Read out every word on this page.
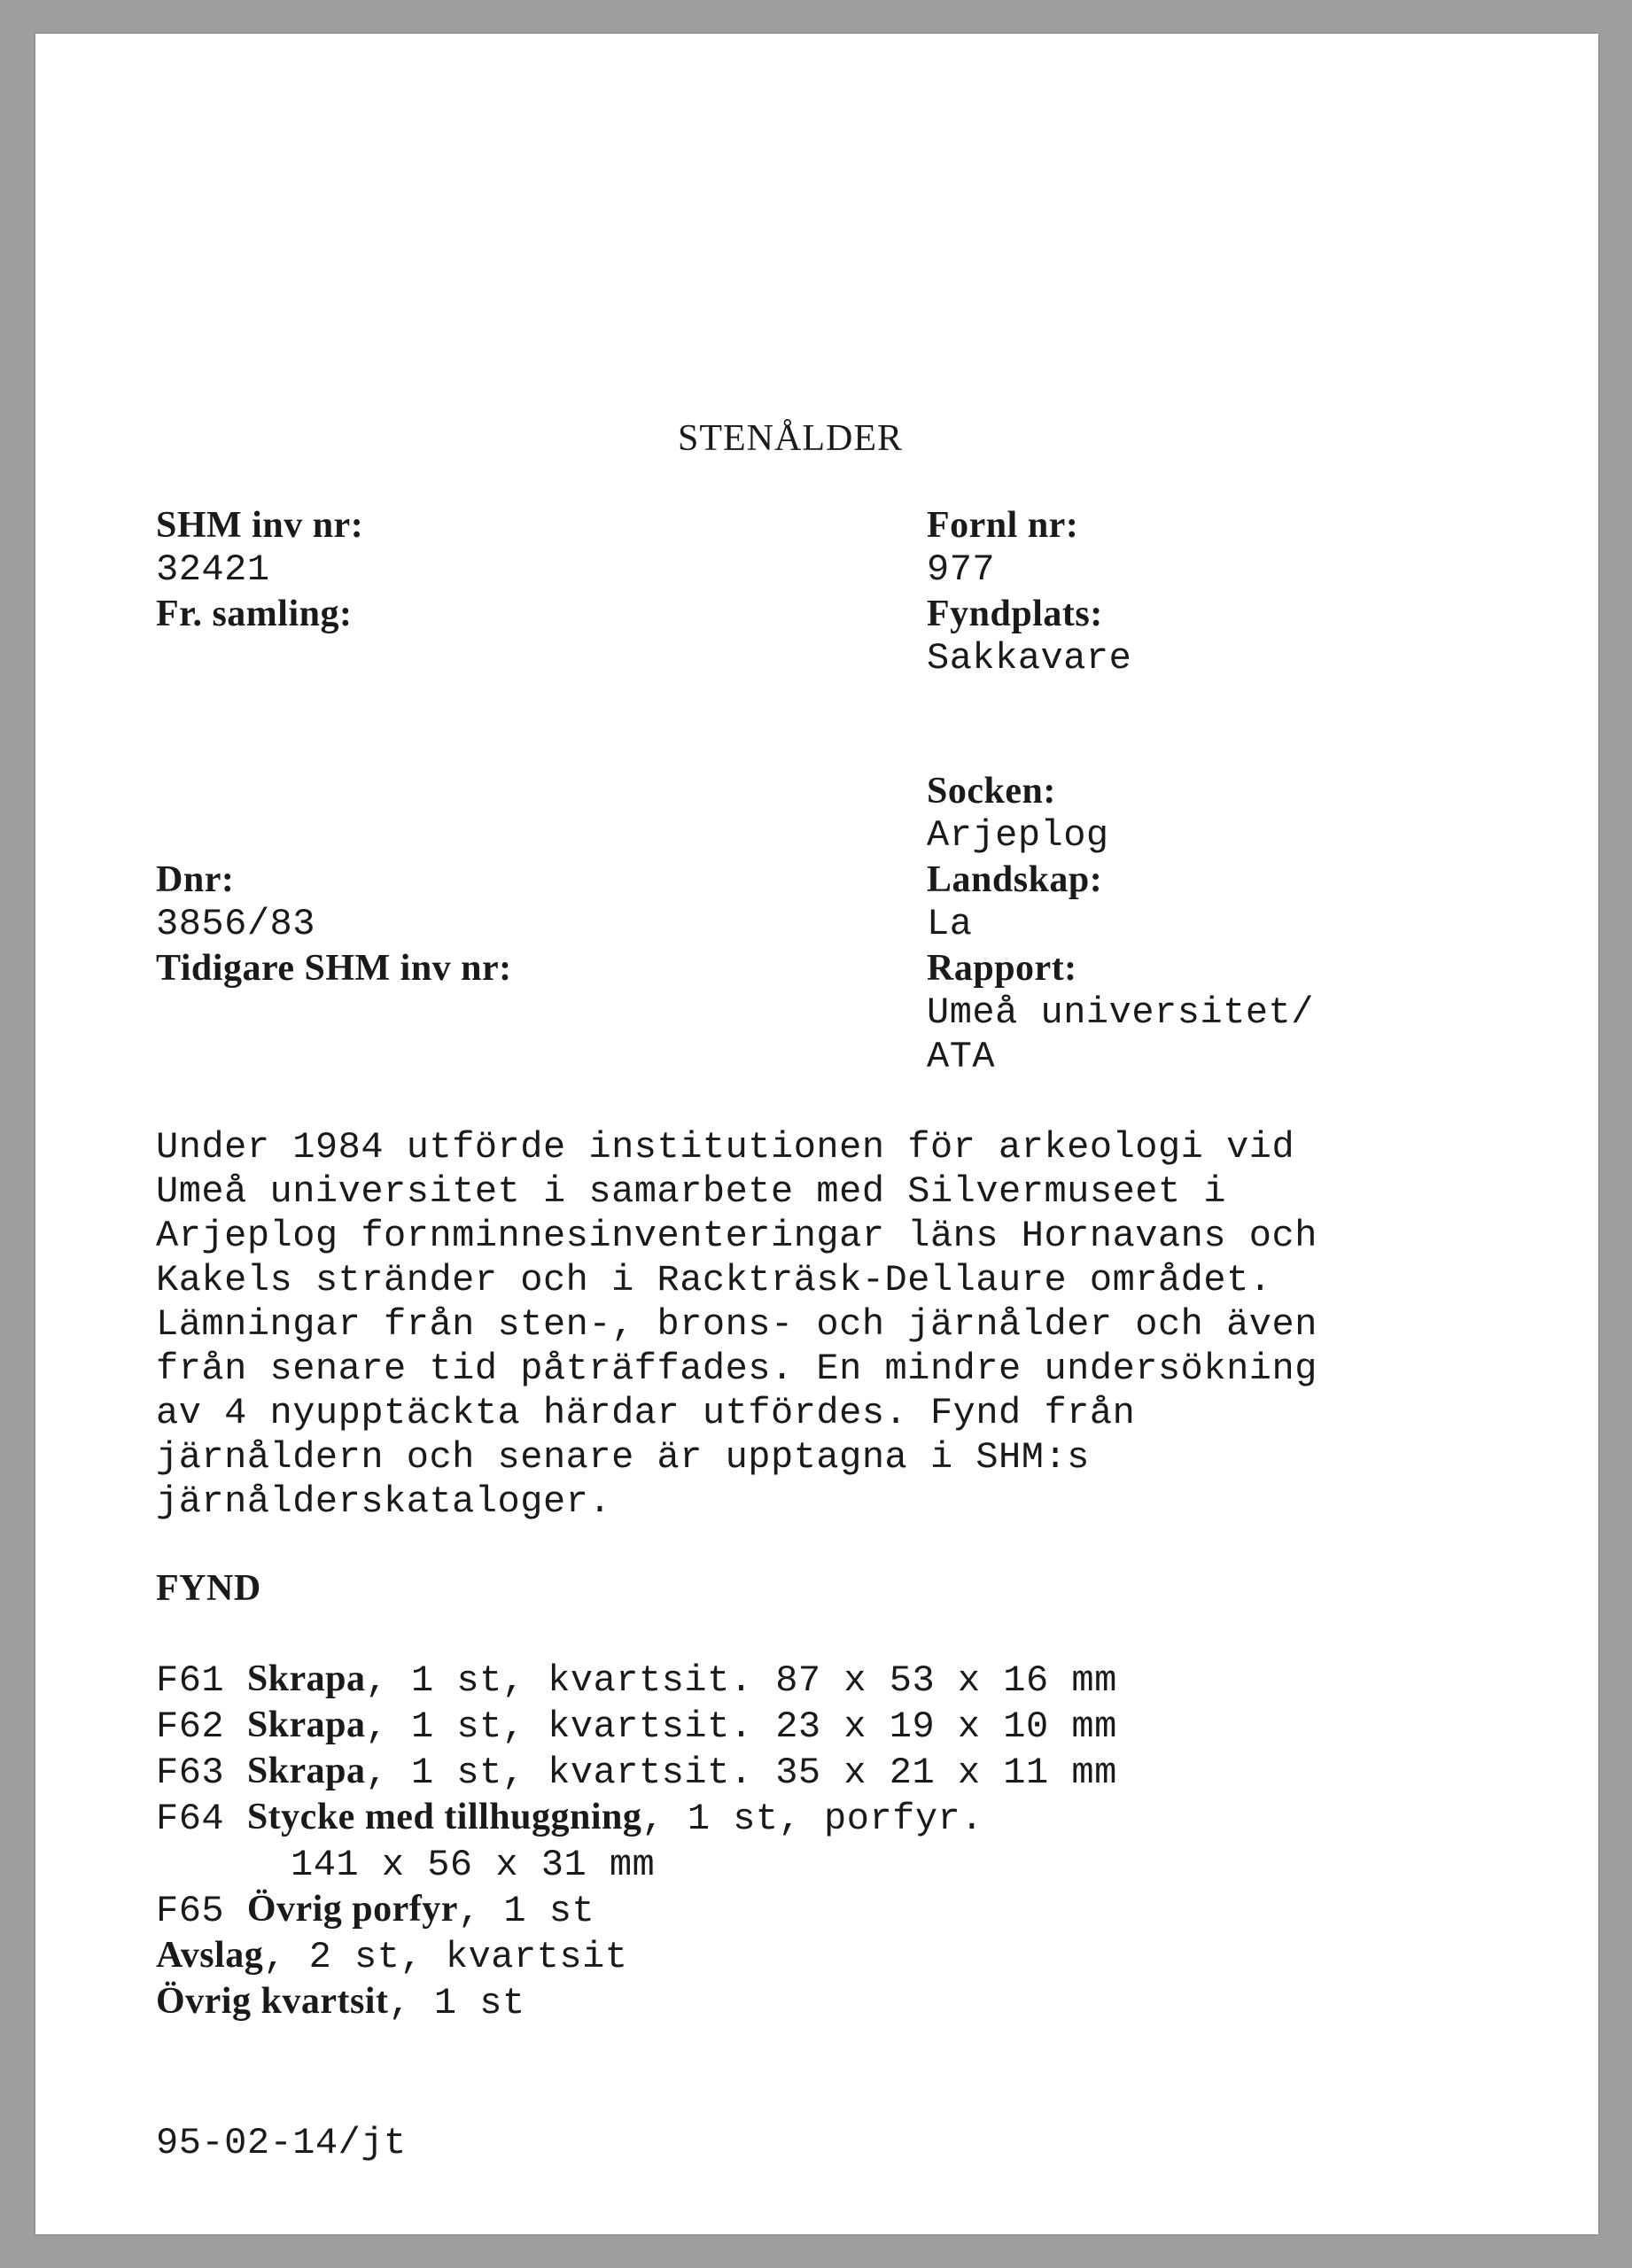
STENÅLDER
SHM inv nr:
32421
Fr. samling:
Dnr:
3856/83
Tidigare SHM inv nr:
Fornl nr:
977
Fyndplats:
Sakkavare
Socken:
Arjeplog
Landskap:
La
Rapport:
Umeå universitet/
ATA
Under 1984 utförde institutionen för arkeologi vid
Umeå universitet i samarbete med Silvermuseet i
Arjeplog fornminnesinventeringar läns Hornavans och
Kakels stränder och i Rackträsk-Dellaure området.
Lämningar från sten-, brons- och järnålder och även
från senare tid påträffades. En mindre undersökning
av 4 nyupptäckta härdar utfördes. Fynd från
järnåldern och senare är upptagna i SHM:s
järnålderskataloger.
FYND
F61 Skrapa, 1 st, kvartsit. 87 x 53 x 16 mm
F62 Skrapa, 1 st, kvartsit. 23 x 19 x 10 mm
F63 Skrapa, 1 st, kvartsit. 35 x 21 x 11 mm
F64 Stycke med tillhuggning, 1 st, porfyr.
141 x 56 x 31 mm
F65 Övrig porfyr, 1 st
Avslag, 2 st, kvartsit
Övrig kvartsit, 1 st
95-02-14/jt
